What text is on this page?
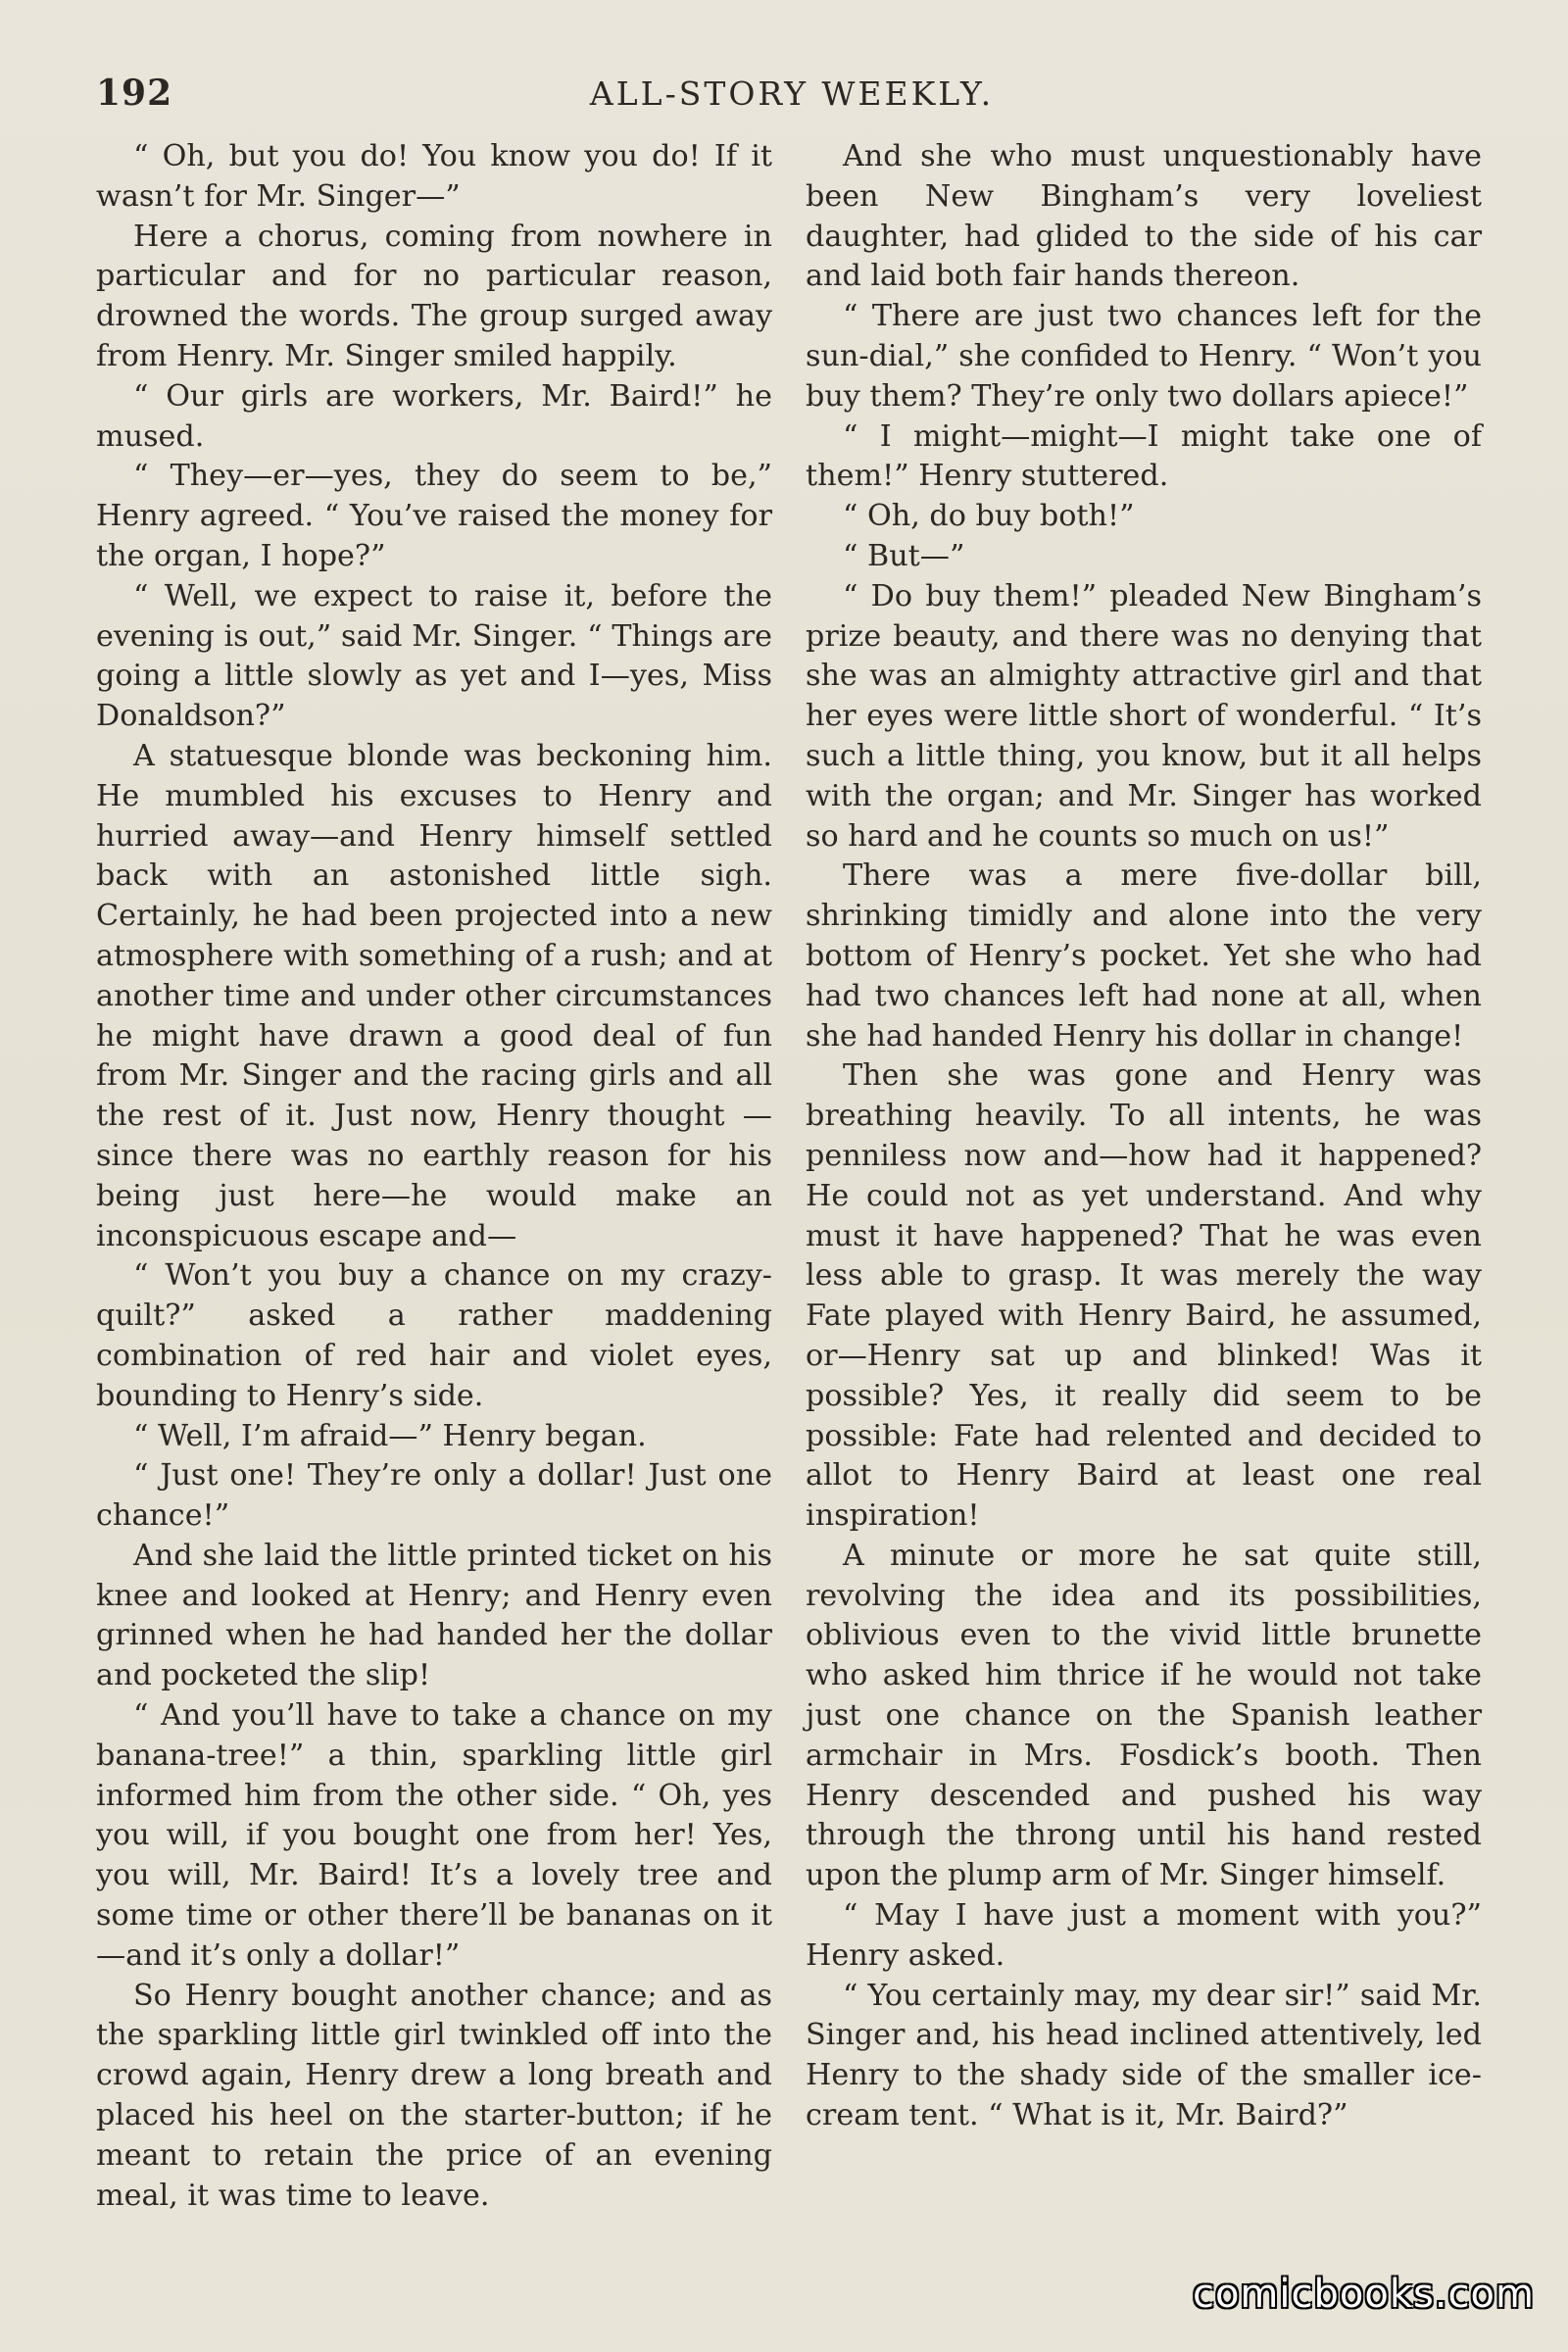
192	ALL-STORY WEEKLY.

“ Oh, but you do! You know you do! If it wasn’t for Mr. Singer—”

Here a chorus, coming from nowhere in particular and for no particular reason, drowned the words. The group surged away from Henry. Mr. Singer smiled happily.

“ Our girls are workers, Mr. Baird!” he mused.

“ They—er—yes, they do seem to be,” Henry agreed. “ You’ve raised the money for the organ, I hope?”

“ Well, we expect to raise it, before the evening is out,” said Mr. Singer. “ Things are going a little slowly as yet and I—yes, Miss Donaldson?”

A statuesque blonde was beckoning him. He mumbled his excuses to Henry and hurried away—and Henry himself settled back with an astonished little sigh. Certainly, he had been projected into a new atmosphere with something of a rush; and at another time and under other circumstances he might have drawn a good deal of fun from Mr. Singer and the racing girls and all the rest of it. Just now, Henry thought —since there was no earthly reason for his being just here—he would make an inconspicuous escape and—

“ Won’t you buy a chance on my crazy-quilt?” asked a rather maddening combination of red hair and violet eyes, bounding to Henry’s side.

“ Well, I’m afraid—” Henry began.

“ Just one! They’re only a dollar! Just one chance!”

And she laid the little printed ticket on his knee and looked at Henry; and Henry even grinned when he had handed her the dollar and pocketed the slip!

“ And you’ll have to take a chance on my banana-tree!” a thin, sparkling little girl informed him from the other side. “ Oh, yes you will, if you bought one from her! Yes, you will, Mr. Baird! It’s a lovely tree and some time or other there’ll be bananas on it—and it’s only a dollar!”

So Henry bought another chance; and as the sparkling little girl twinkled off into the crowd again, Henry drew a long breath and placed his heel on the starter-button; if he meant to retain the price of an evening meal, it was time to leave.

And she who must unquestionably have been New Bingham’s very loveliest daughter, had glided to the side of his car and laid both fair hands thereon.

“ There are just two chances left for the sun-dial,” she confided to Henry. “ Won’t you buy them? They’re only two dollars apiece!”

“ I might—might—I might take one of them!” Henry stuttered.

“ Oh, do buy both!”

“ But—”

“ Do buy them!” pleaded New Bingham’s prize beauty, and there was no denying that she was an almighty attractive girl and that her eyes were little short of wonderful. “ It’s such a little thing, you know, but it all helps with the organ; and Mr. Singer has worked so hard and he counts so much on us!”

There was a mere five-dollar bill, shrinking timidly and alone into the very bottom of Henry’s pocket. Yet she who had had two chances left had none at all, when she had handed Henry his dollar in change!

Then she was gone and Henry was breathing heavily. To all intents, he was penniless now and—how had it happened? He could not as yet understand. And why must it have happened? That he was even less able to grasp. It was merely the way Fate played with Henry Baird, he assumed, or—Henry sat up and blinked! Was it possible? Yes, it really did seem to be possible: Fate had relented and decided to allot to Henry Baird at least one real inspiration!

A minute or more he sat quite still, revolving the idea and its possibilities, oblivious even to the vivid little brunette who asked him thrice if he would not take just one chance on the Spanish leather armchair in Mrs. Fosdick’s booth. Then Henry descended and pushed his way through the throng until his hand rested upon the plump arm of Mr. Singer himself.

“ May I have just a moment with you?” Henry asked.

“ You certainly may, my dear sir!” said Mr. Singer and, his head inclined attentively, led Henry to the shady side of the smaller ice-cream tent. “ What is it, Mr. Baird?”

comicbooks.com
